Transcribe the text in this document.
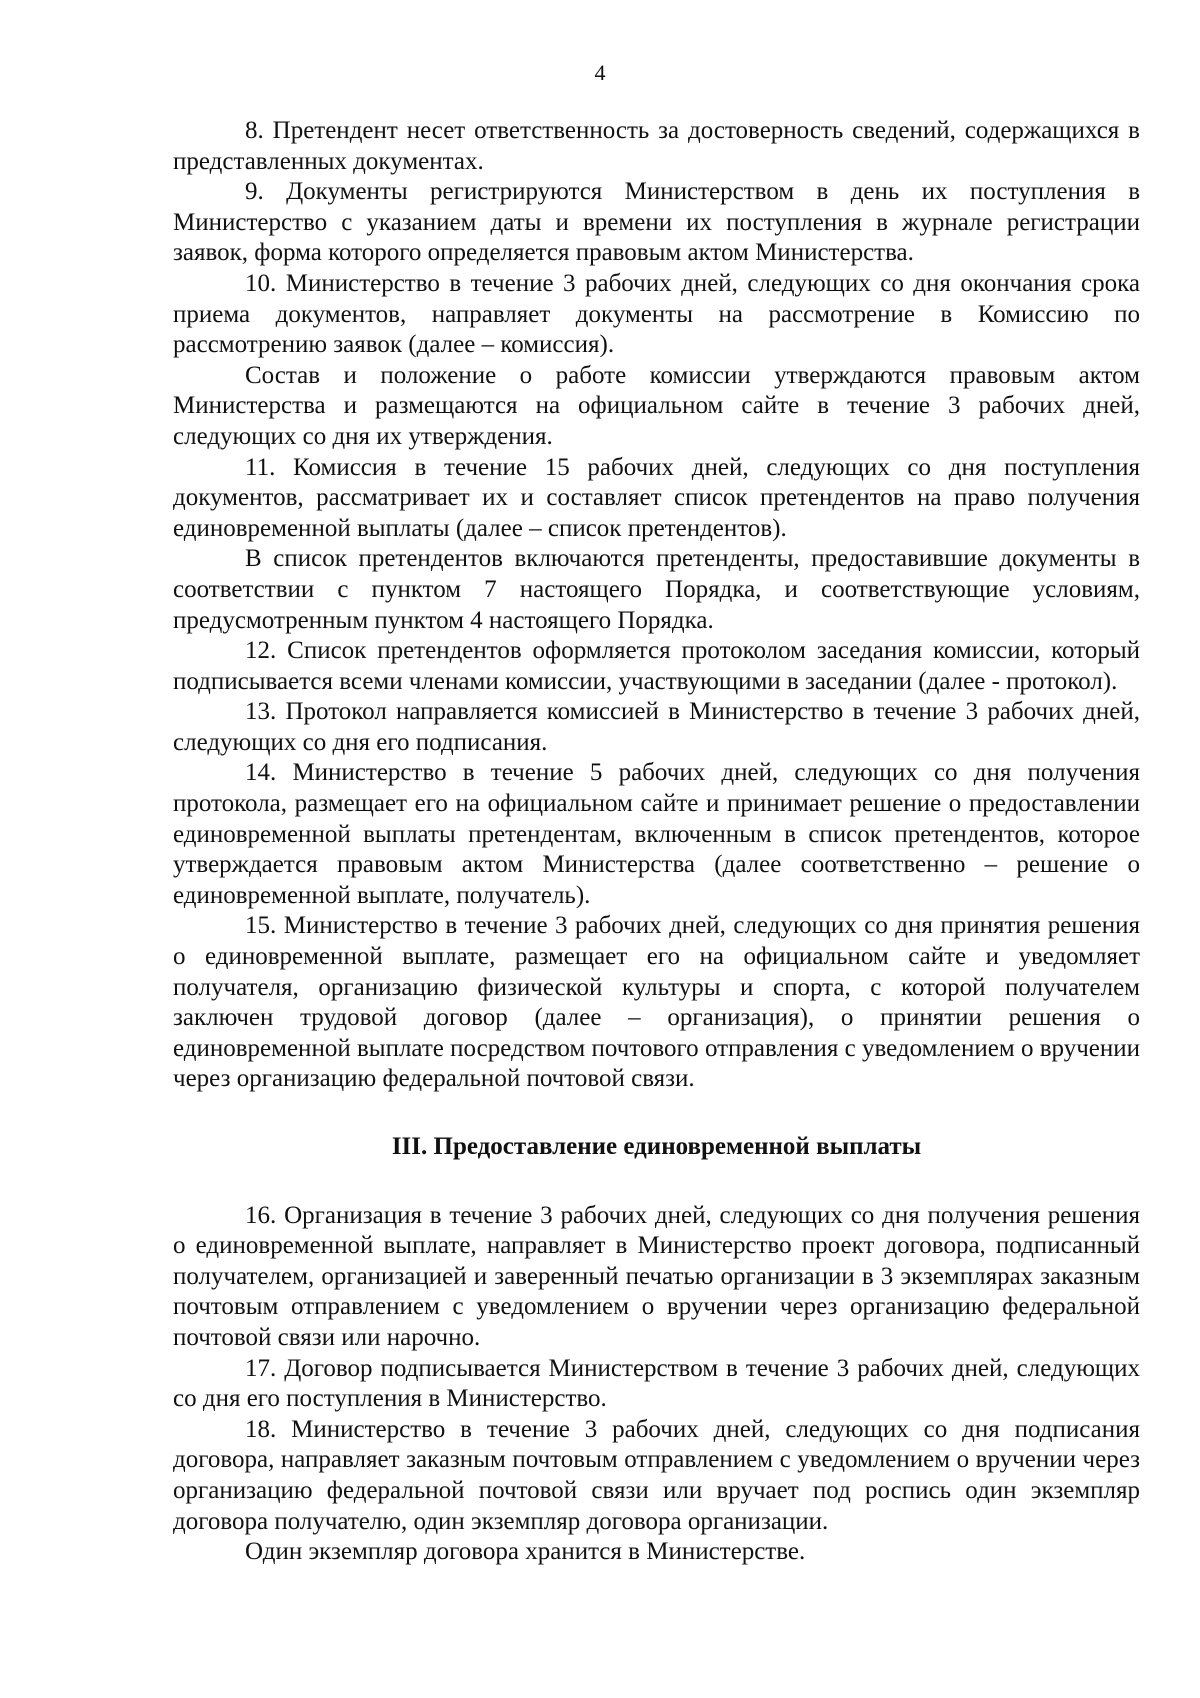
4

8. Претендент несет ответственность за достоверность сведений, содержащихся в представленных документах.

9. Документы регистрируются Министерством в день их поступления в Министерство с указанием даты и времени их поступления в журнале регистрации заявок, форма которого определяется правовым актом Министерства.

10. Министерство в течение 3 рабочих дней, следующих со дня окончания срока приема документов, направляет документы на рассмотрение в Комиссию по рассмотрению заявок (далее – комиссия).

Состав и положение о работе комиссии утверждаются правовым актом Министерства и размещаются на официальном сайте в течение 3 рабочих дней, следующих со дня их утверждения.

11. Комиссия в течение 15 рабочих дней, следующих со дня поступления документов, рассматривает их и составляет список претендентов на право получения единовременной выплаты (далее – список претендентов).

В список претендентов включаются претенденты, предоставившие документы в соответствии с пунктом 7 настоящего Порядка, и соответствующие условиям, предусмотренным пунктом 4 настоящего Порядка.

12. Список претендентов оформляется протоколом заседания комиссии, который подписывается всеми членами комиссии, участвующими в заседании (далее - протокол).

13. Протокол направляется комиссией в Министерство в течение 3 рабочих дней, следующих со дня его подписания.

14. Министерство в течение 5 рабочих дней, следующих со дня получения протокола, размещает его на официальном сайте и принимает решение о предоставлении единовременной выплаты претендентам, включенным в список претендентов, которое утверждается правовым актом Министерства (далее соответственно – решение о единовременной выплате, получатель).

15. Министерство в течение 3 рабочих дней, следующих со дня принятия решения о единовременной выплате, размещает его на официальном сайте и уведомляет получателя, организацию физической культуры и спорта, с которой получателем заключен трудовой договор (далее – организация), о принятии решения о единовременной выплате посредством почтового отправления с уведомлением о вручении через организацию федеральной почтовой связи.

III. Предоставление единовременной выплаты

16. Организация в течение 3 рабочих дней, следующих со дня получения решения о единовременной выплате, направляет в Министерство проект договора, подписанный получателем, организацией и заверенный печатью организации в 3 экземплярах заказным почтовым отправлением с уведомлением о вручении через организацию федеральной почтовой связи или нарочно.

17. Договор подписывается Министерством в течение 3 рабочих дней, следующих со дня его поступления в Министерство.

18. Министерство в течение 3 рабочих дней, следующих со дня подписания договора, направляет заказным почтовым отправлением с уведомлением о вручении через организацию федеральной почтовой связи или вручает под роспись один экземпляр договора получателю, один экземпляр договора организации.

Один экземпляр договора хранится в Министерстве.
